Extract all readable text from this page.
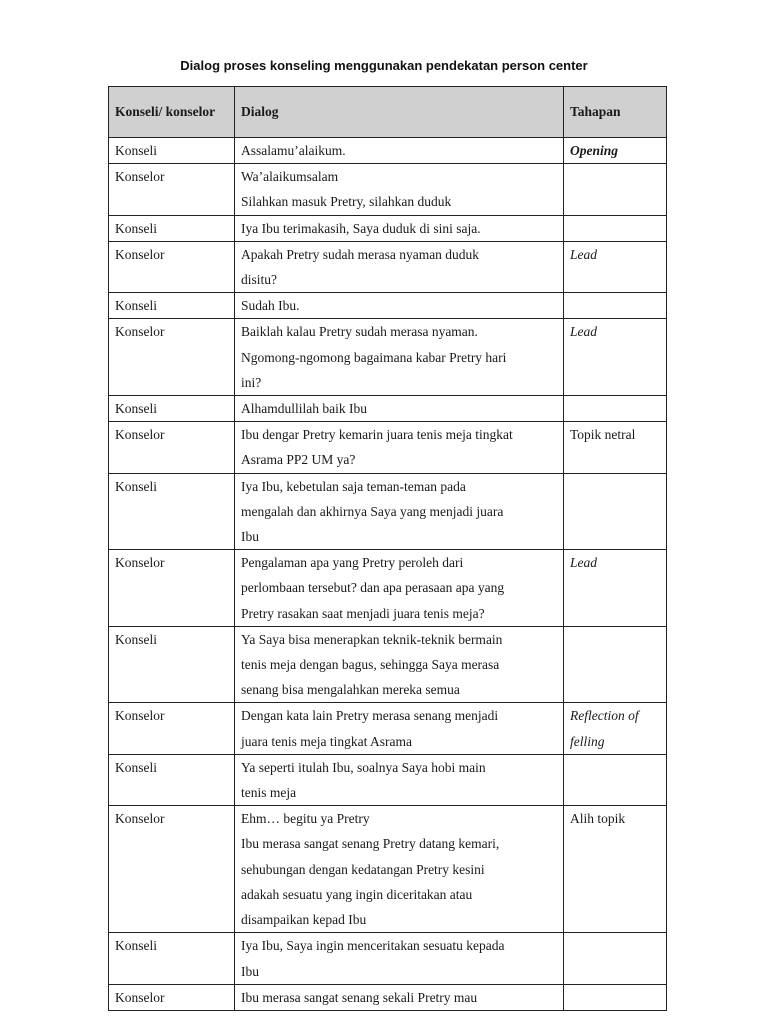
Dialog proses konseling menggunakan pendekatan person center
Konseli/ konselor	Dialog	Tahapan
Konseli	Assalamu’alaikum.	Opening
Konselor	Wa’alaikumsalam
Silahkan masuk Pretry, silahkan duduk	

Konseli	Iya Ibu terimakasih, Saya duduk di sini saja.	

Konselor	Apakah Pretry sudah merasa nyaman duduk
disitu?	Lead
Konseli	Sudah Ibu.	

Konselor	Baiklah kalau Pretry sudah merasa nyaman.
Ngomong-ngomong bagaimana kabar Pretry hari
ini?	Lead
Konseli	Alhamdullilah baik Ibu	

Konselor	Ibu dengar Pretry kemarin juara tenis meja tingkat
Asrama PP2 UM ya?	Topik netral
Konseli	Iya Ibu, kebetulan saja teman-teman pada
mengalah dan akhirnya Saya yang menjadi juara
Ibu	

Konselor	Pengalaman apa yang Pretry peroleh dari
perlombaan tersebut? dan apa perasaan apa yang
Pretry rasakan saat menjadi juara tenis meja?	Lead
Konseli	Ya Saya bisa menerapkan teknik-teknik bermain
tenis meja dengan bagus, sehingga Saya merasa
senang bisa mengalahkan mereka semua	

Konselor	Dengan kata lain Pretry merasa senang menjadi
juara tenis meja tingkat Asrama	Reflection of felling
Konseli	Ya seperti itulah Ibu, soalnya Saya hobi main
tenis meja	

Konselor	Ehm… begitu ya Pretry
Ibu merasa sangat senang Pretry datang kemari,
sehubungan dengan kedatangan Pretry kesini
adakah sesuatu yang ingin diceritakan atau
disampaikan kepad Ibu	Alih topik
Konseli	Iya Ibu, Saya ingin menceritakan sesuatu kepada
Ibu	

Konselor	Ibu merasa sangat senang sekali Pretry mau	
